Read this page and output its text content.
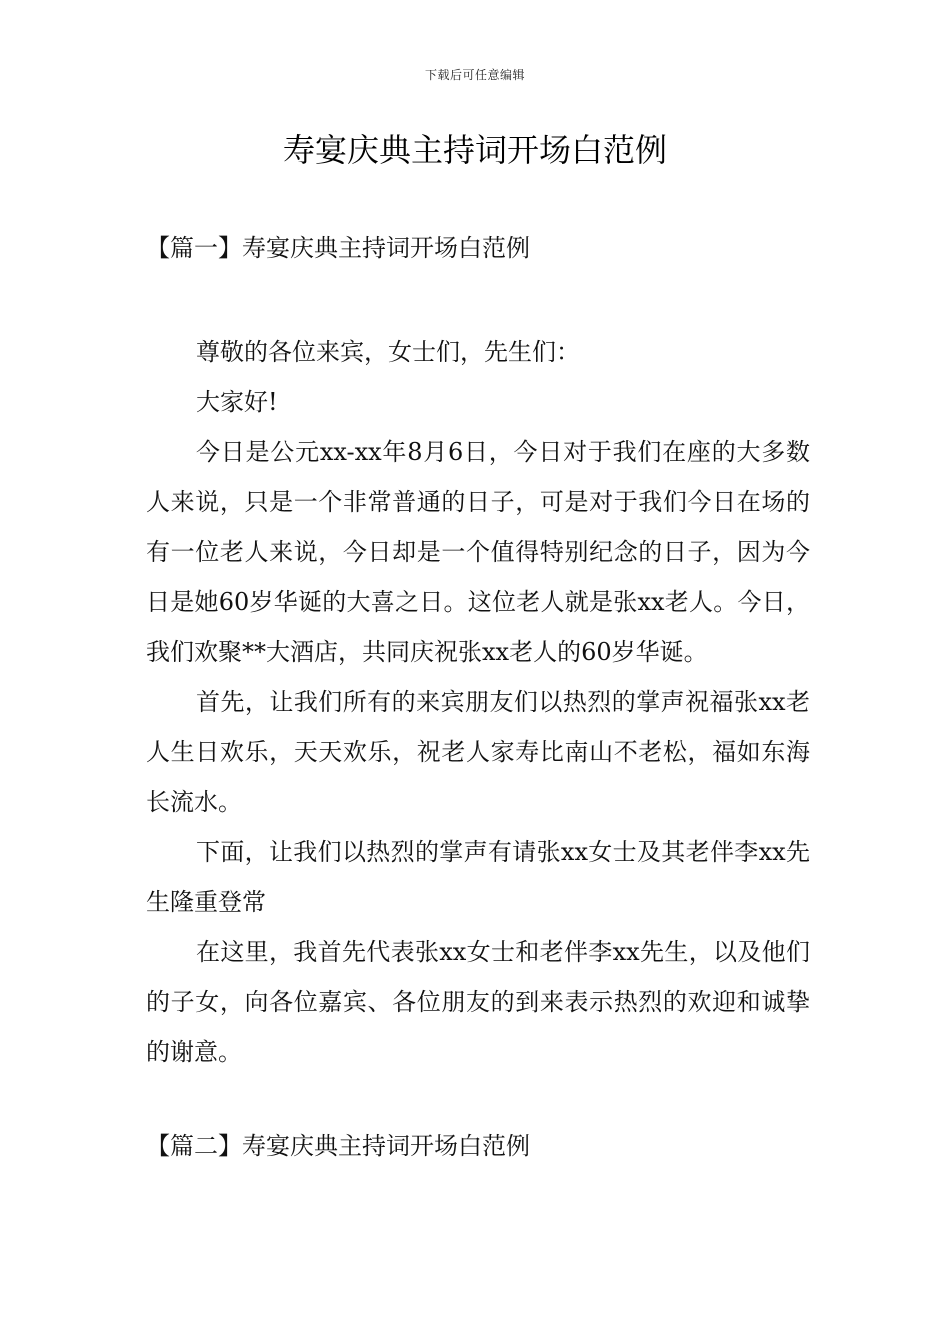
下载后可任意编辑
寿宴庆典主持词开场白范例
【篇一】寿宴庆典主持词开场白范例

尊敬的各位来宾，女士们，先生们：

大家好!

今日是公元xx-xx年8月6日，今日对于我们在座的大多数人来说，只是一个非常普通的日子，可是对于我们今日在场的有一位老人来说，今日却是一个值得特别纪念的日子，因为今日是她60岁华诞的大喜之日。这位老人就是张xx老人。今日，我们欢聚**大酒店，共同庆祝张xx老人的60岁华诞。

首先，让我们所有的来宾朋友们以热烈的掌声祝福张xx老人生日欢乐，天天欢乐，祝老人家寿比南山不老松，福如东海长流水。

下面，让我们以热烈的掌声有请张xx女士及其老伴李xx先生隆重登常

在这里，我首先代表张xx女士和老伴李xx先生，以及他们的子女，向各位嘉宾、各位朋友的到来表示热烈的欢迎和诚挚的谢意。

【篇二】寿宴庆典主持词开场白范例
